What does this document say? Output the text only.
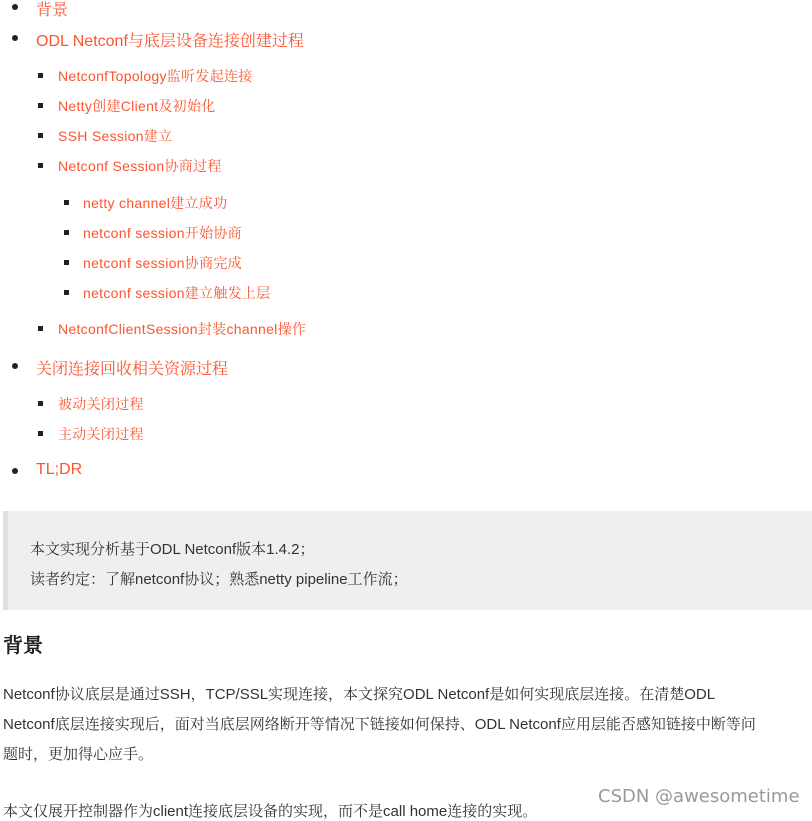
背景
ODL Netconf与底层设备连接创建过程
NetconfTopology监听发起连接
Netty创建Client及初始化
SSH Session建立
Netconf Session协商过程
netty channel建立成功
netconf session开始协商
netconf session协商完成
netconf session建立触发上层
NetconfClientSession封装channel操作
关闭连接回收相关资源过程
被动关闭过程
主动关闭过程
TL;DR

本文实现分析基于ODL Netconf版本1.4.2；

读者约定：了解netconf协议；熟悉netty pipeline工作流；

背景

Netconf协议底层是通过SSH，TCP/SSL实现连接，本文探究ODL Netconf是如何实现底层连接。在清楚ODL

Netconf底层连接实现后，面对当底层网络断开等情况下链接如何保持、ODL Netconf应用层能否感知链接中断等问

题时，更加得心应手。

本文仅展开控制器作为client连接底层设备的实现，而不是call home连接的实现。

CSDN @awesometime
